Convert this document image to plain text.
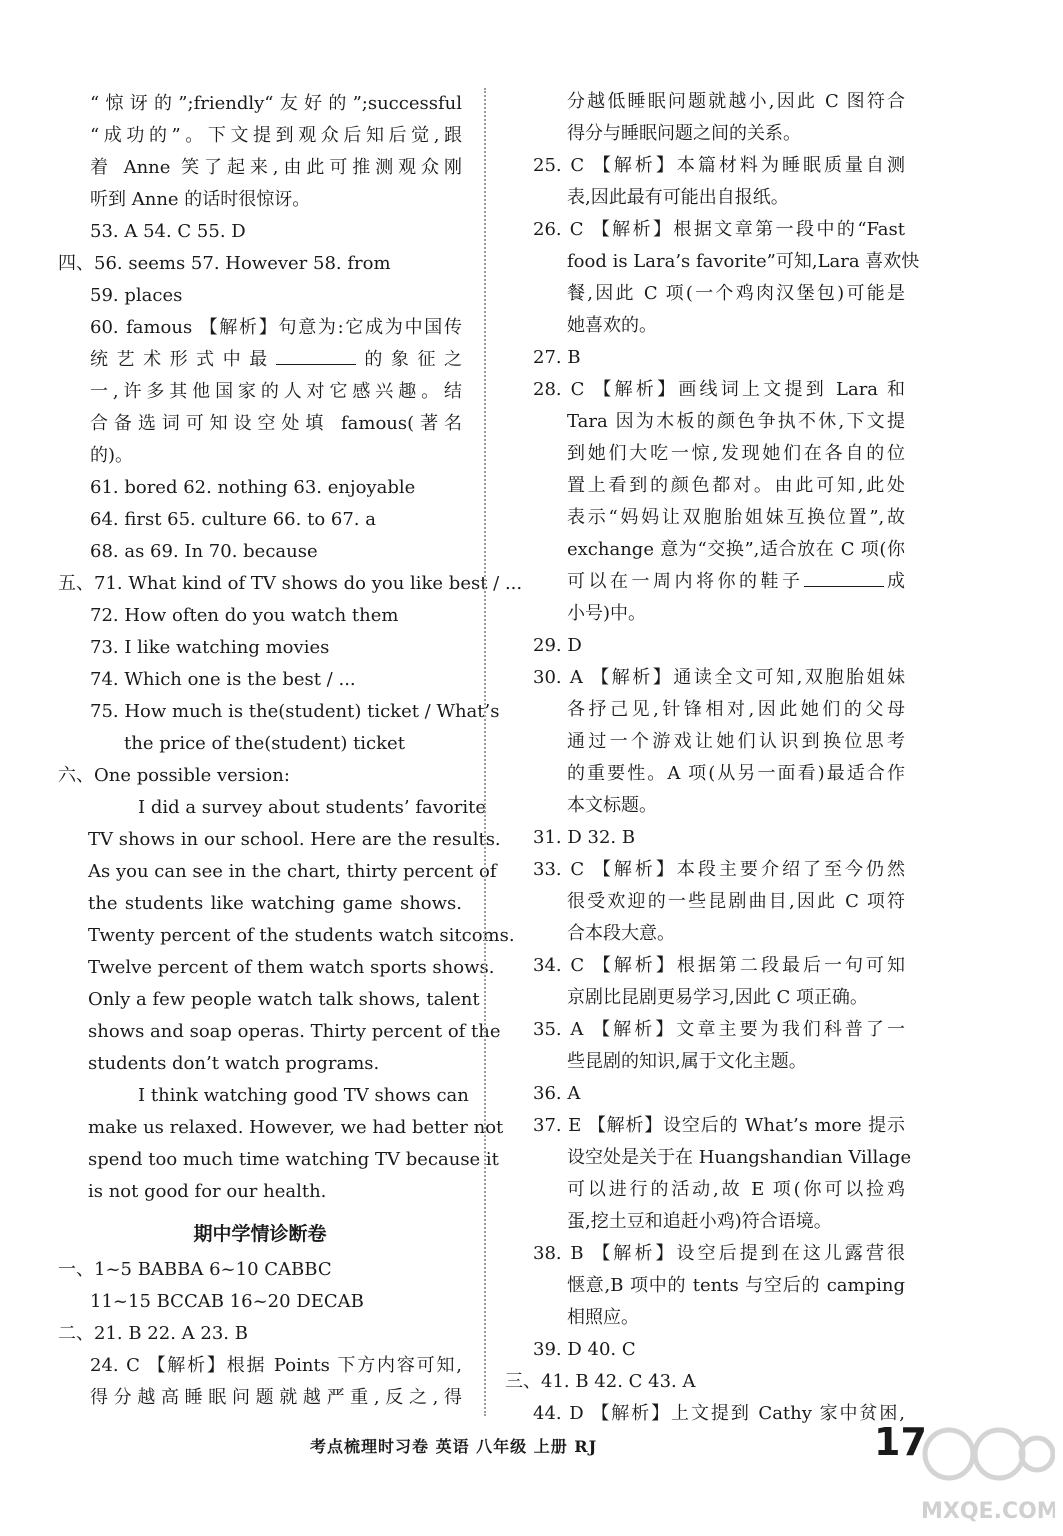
“惊讶的”;friendly“友好的”;successful
“成功的”。下文提到观众后知后觉,跟
着 Anne 笑了起来,由此可推测观众刚
听到 Anne 的话时很惊讶。
53. A 54. C 55. D
四、56. seems 57. However 58. from
59. places
60. famous 【解析】句意为:它成为中国传
统艺术形式中最	的象征之
一,许多其他国家的人对它感兴趣。结
合备选词可知设空处填 famous(著名
的)。
61. bored 62. nothing 63. enjoyable
64. first 65. culture 66. to 67. a
68. as 69. In 70. because
五、71. What kind of TV shows do you like best / ...
72. How often do you watch them
73. I like watching movies
74. Which one is the best / ...
75. How much is the(student) ticket / What’s
the price of the(student) ticket
六、One possible version:
I did a survey about students’ favorite
TV shows in our school. Here are the results.
As you can see in the chart, thirty percent of
the students like watching game shows.
Twenty percent of the students watch sitcoms.
Twelve percent of them watch sports shows.
Only a few people watch talk shows, talent
shows and soap operas. Thirty percent of the
students don’t watch programs.
I think watching good TV shows can
make us relaxed. However, we had better not
spend too much time watching TV because it
is not good for our health.
期中学情诊断卷
一、1~5 BABBA 6~10 CABBC
11~15 BCCAB 16~20 DECAB
二、21. B 22. A 23. B
24. C 【解析】根据 Points 下方内容可知,
得分越高睡眠问题就越严重,反之,得
分越低睡眠问题就越小,因此 C 图符合
得分与睡眠问题之间的关系。
25. C 【解析】本篇材料为睡眠质量自测
表,因此最有可能出自报纸。
26. C 【解析】根据文章第一段中的“Fast
food is Lara’s favorite”可知,Lara 喜欢快
餐,因此 C 项(一个鸡肉汉堡包)可能是
她喜欢的。
27. B
28. C 【解析】画线词上文提到 Lara 和
Tara 因为木板的颜色争执不休,下文提
到她们大吃一惊,发现她们在各自的位
置上看到的颜色都对。由此可知,此处
表示“妈妈让双胞胎姐妹互换位置”,故
exchange 意为“交换”,适合放在 C 项(你
可以在一周内将你的鞋子	成
小号)中。
29. D
30. A 【解析】通读全文可知,双胞胎姐妹
各抒己见,针锋相对,因此她们的父母
通过一个游戏让她们认识到换位思考
的重要性。A 项(从另一面看)最适合作
本文标题。
31. D 32. B
33. C 【解析】本段主要介绍了至今仍然
很受欢迎的一些昆剧曲目,因此 C 项符
合本段大意。
34. C 【解析】根据第二段最后一句可知
京剧比昆剧更易学习,因此 C 项正确。
35. A 【解析】文章主要为我们科普了一
些昆剧的知识,属于文化主题。
36. A
37. E 【解析】设空后的 What’s more 提示
设空处是关于在 Huangshandian Village
可以进行的活动,故 E 项(你可以捡鸡
蛋,挖土豆和追赶小鸡)符合语境。
38. B 【解析】设空后提到在这儿露营很
惬意,B 项中的 tents 与空后的 camping
相照应。
39. D 40. C
三、41. B 42. C 43. A
44. D 【解析】上文提到 Cathy 家中贫困,
考点梳理时习卷 英语 八年级 上册 RJ	17
MXQE.COM
